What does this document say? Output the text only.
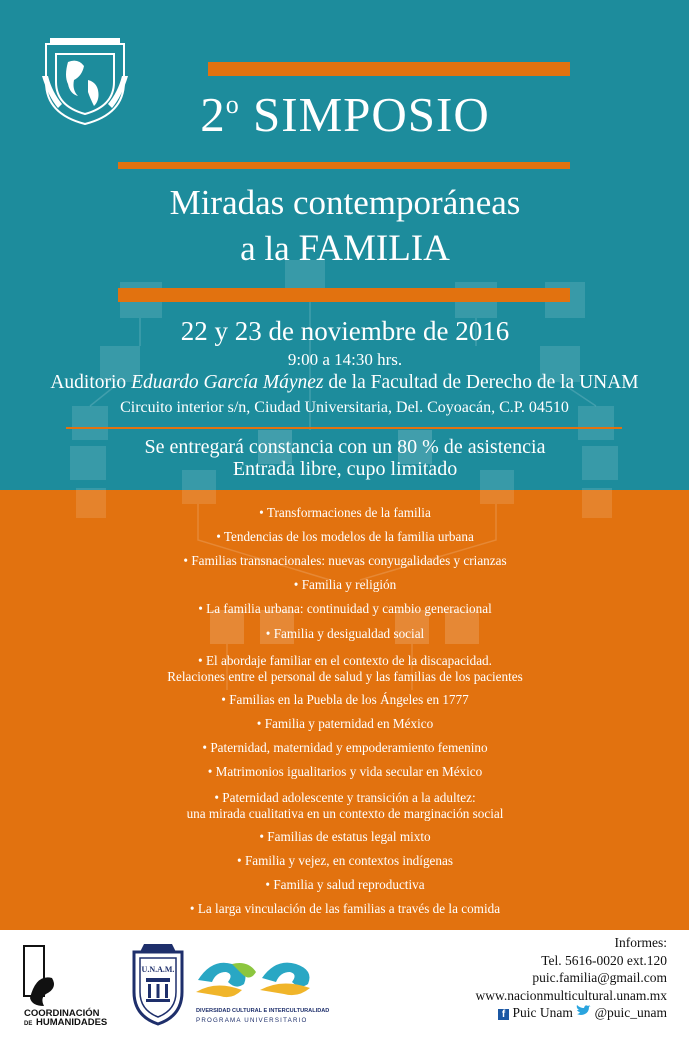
2$^o$ SIMPOSIO
Miradas contemporáneas
a la FAMILIA
22 y 23 de noviembre de 2016
9:00 a 14:30 hrs.
Auditorio Eduardo García Máynez de la Facultad de Derecho de la UNAM
Circuito interior s/n, Ciudad Universitaria, Del. Coyoacán, C.P. 04510
Se entregará constancia con un 80 % de asistencia
Entrada libre, cupo limitado
• Transformaciones de la familia
• Tendencias de los modelos de la familia urbana
• Familias transnacionales: nuevas conyugalidades y crianzas
• Familia y religión
• La familia urbana: continuidad y cambio generacional
• Familia y desigualdad social
• El abordaje familiar en el contexto de la discapacidad.
Relaciones entre el personal de salud y las familias de los pacientes
• Familias en la Puebla de los Ángeles en 1777
• Familia y paternidad en México
• Paternidad, maternidad y empoderamiento femenino
• Matrimonios igualitarios y vida secular en México
• Paternidad adolescente y transición a la adultez:
una mirada cualitativa en un contexto de marginación social
• Familias de estatus legal mixto
• Familia y vejez, en contextos indígenas
• Familia y salud reproductiva
• La larga vinculación de las familias a través de la comida
COORDINACIÓN
DE HUMANIDADES
U.N.A.M.
DIVERSIDAD CULTURAL E INTERCULTURALIDAD
PROGRAMA UNIVERSITARIO
Informes:
Tel. 5616-0020 ext.120
puic.familia@gmail.com
www.nacionmulticultural.unam.mx
f Puic Unam @puic_unam
